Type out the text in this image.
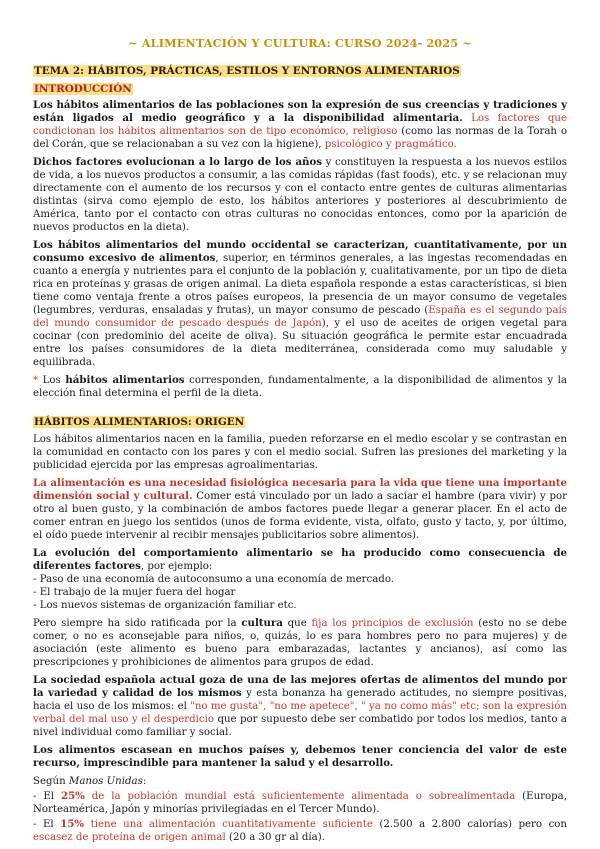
~ ALIMENTACIÓN Y CULTURA: CURSO 2024- 2025 ~
TEMA 2: HÁBITOS, PRÁCTICAS, ESTILOS Y ENTORNOS ALIMENTARIOS
INTRODUCCIÓN

Los hábitos alimentarios de las poblaciones son la expresión de sus creencias y tradiciones y están ligados al medio geográfico y a la disponibilidad alimentaria. Los factores que condicionan los hábitos alimentarios son de tipo económico, religioso (como las normas de la Torah o del Corán, que se relacionaban a su vez con la higiene), psicológico y pragmático.

Dichos factores evolucionan a lo largo de los años y constituyen la respuesta a los nuevos estilos de vida, a los nuevos productos a consumir, a las comidas rápidas (fast foods), etc. y se relacionan muy directamente con el aumento de los recursos y con el contacto entre gentes de culturas alimentarias distintas (sirva como ejemplo de esto, los hábitos anteriores y posteriores al descubrimiento de América, tanto por el contacto con otras culturas no conocidas entonces, como por la aparición de nuevos productos en la dieta).

Los hábitos alimentarios del mundo occidental se caracterizan, cuantitativamente, por un consumo excesivo de alimentos, superior, en términos generales, a las ingestas recomendadas en cuanto a energía y nutrientes para el conjunto de la población y, cualitativamente, por un tipo de dieta rica en proteínas y grasas de origen animal. La dieta española responde a estas características, si bien tiene como ventaja frente a otros países europeos, la presencia de un mayor consumo de vegetales (legumbres, verduras, ensaladas y frutas), un mayor consumo de pescado (España es el segundo país del mundo consumidor de pescado después de Japón), y el uso de aceites de origen vegetal para cocinar (con predominio del aceite de oliva). Su situación geográfica le permite estar encuadrada entre los países consumidores de la dieta mediterránea, considerada como muy saludable y equilibrada.

* Los hábitos alimentarios corresponden, fundamentalmente, a la disponibilidad de alimentos y la elección final determina el perfil de la dieta.

HÁBITOS ALIMENTARIOS: ORIGEN

Los hábitos alimentarios nacen en la familia, pueden reforzarse en el medio escolar y se contrastan en la comunidad en contacto con los pares y con el medio social. Sufren las presiones del marketing y la publicidad ejercida por las empresas agroalimentarias.

La alimentación es una necesidad fisiológica necesaria para la vida que tiene una importante dimensión social y cultural. Comer está vinculado por un lado a saciar el hambre (para vivir) y por otro al buen gusto, y la combinación de ambos factores puede llegar a generar placer. En el acto de comer entran en juego los sentidos (unos de forma evidente, vista, olfato, gusto y tacto, y, por último, el oído puede intervenir al recibir mensajes publicitarios sobre alimentos).

La evolución del comportamiento alimentario se ha producido como consecuencia de diferentes factores, por ejemplo:

- Paso de una economía de autoconsumo a una economía de mercado.
- El trabajo de la mujer fuera del hogar
- Los nuevos sistemas de organización familiar etc.

Pero siempre ha sido ratificada por la cultura que fija los principios de exclusión (esto no se debe comer, o no es aconsejable para niños, o, quizás, lo es para hombres pero no para mujeres) y de asociación (este alimento es bueno para embarazadas, lactantes y ancianos), así como las prescripciones y prohibiciones de alimentos para grupos de edad.

La sociedad española actual goza de una de las mejores ofertas de alimentos del mundo por la variedad y calidad de los mismos y esta bonanza ha generado actitudes, no siempre positivas, hacia el uso de los mismos: el "no me gusta", "no me apetece", " ya no como más" etc; son la expresión verbal del mal uso y el desperdicio que por supuesto debe ser combatido por todos los medios, tanto a nivel individual como familiar y social.

Los alimentos escasean en muchos países y, debemos tener conciencia del valor de este recurso, imprescindible para mantener la salud y el desarrollo.

Según Manos Unidas:

- El 25% de la población mundial está suficientemente alimentada o sobrealimentada (Europa, Norteamérica, Japón y minorías privilegiadas en el Tercer Mundo).

- El 15% tiene una alimentación cuantitativamente suficiente (2.500 a 2.800 calorías) pero con escasez de proteína de origen animal (20 a 30 gr al día).
